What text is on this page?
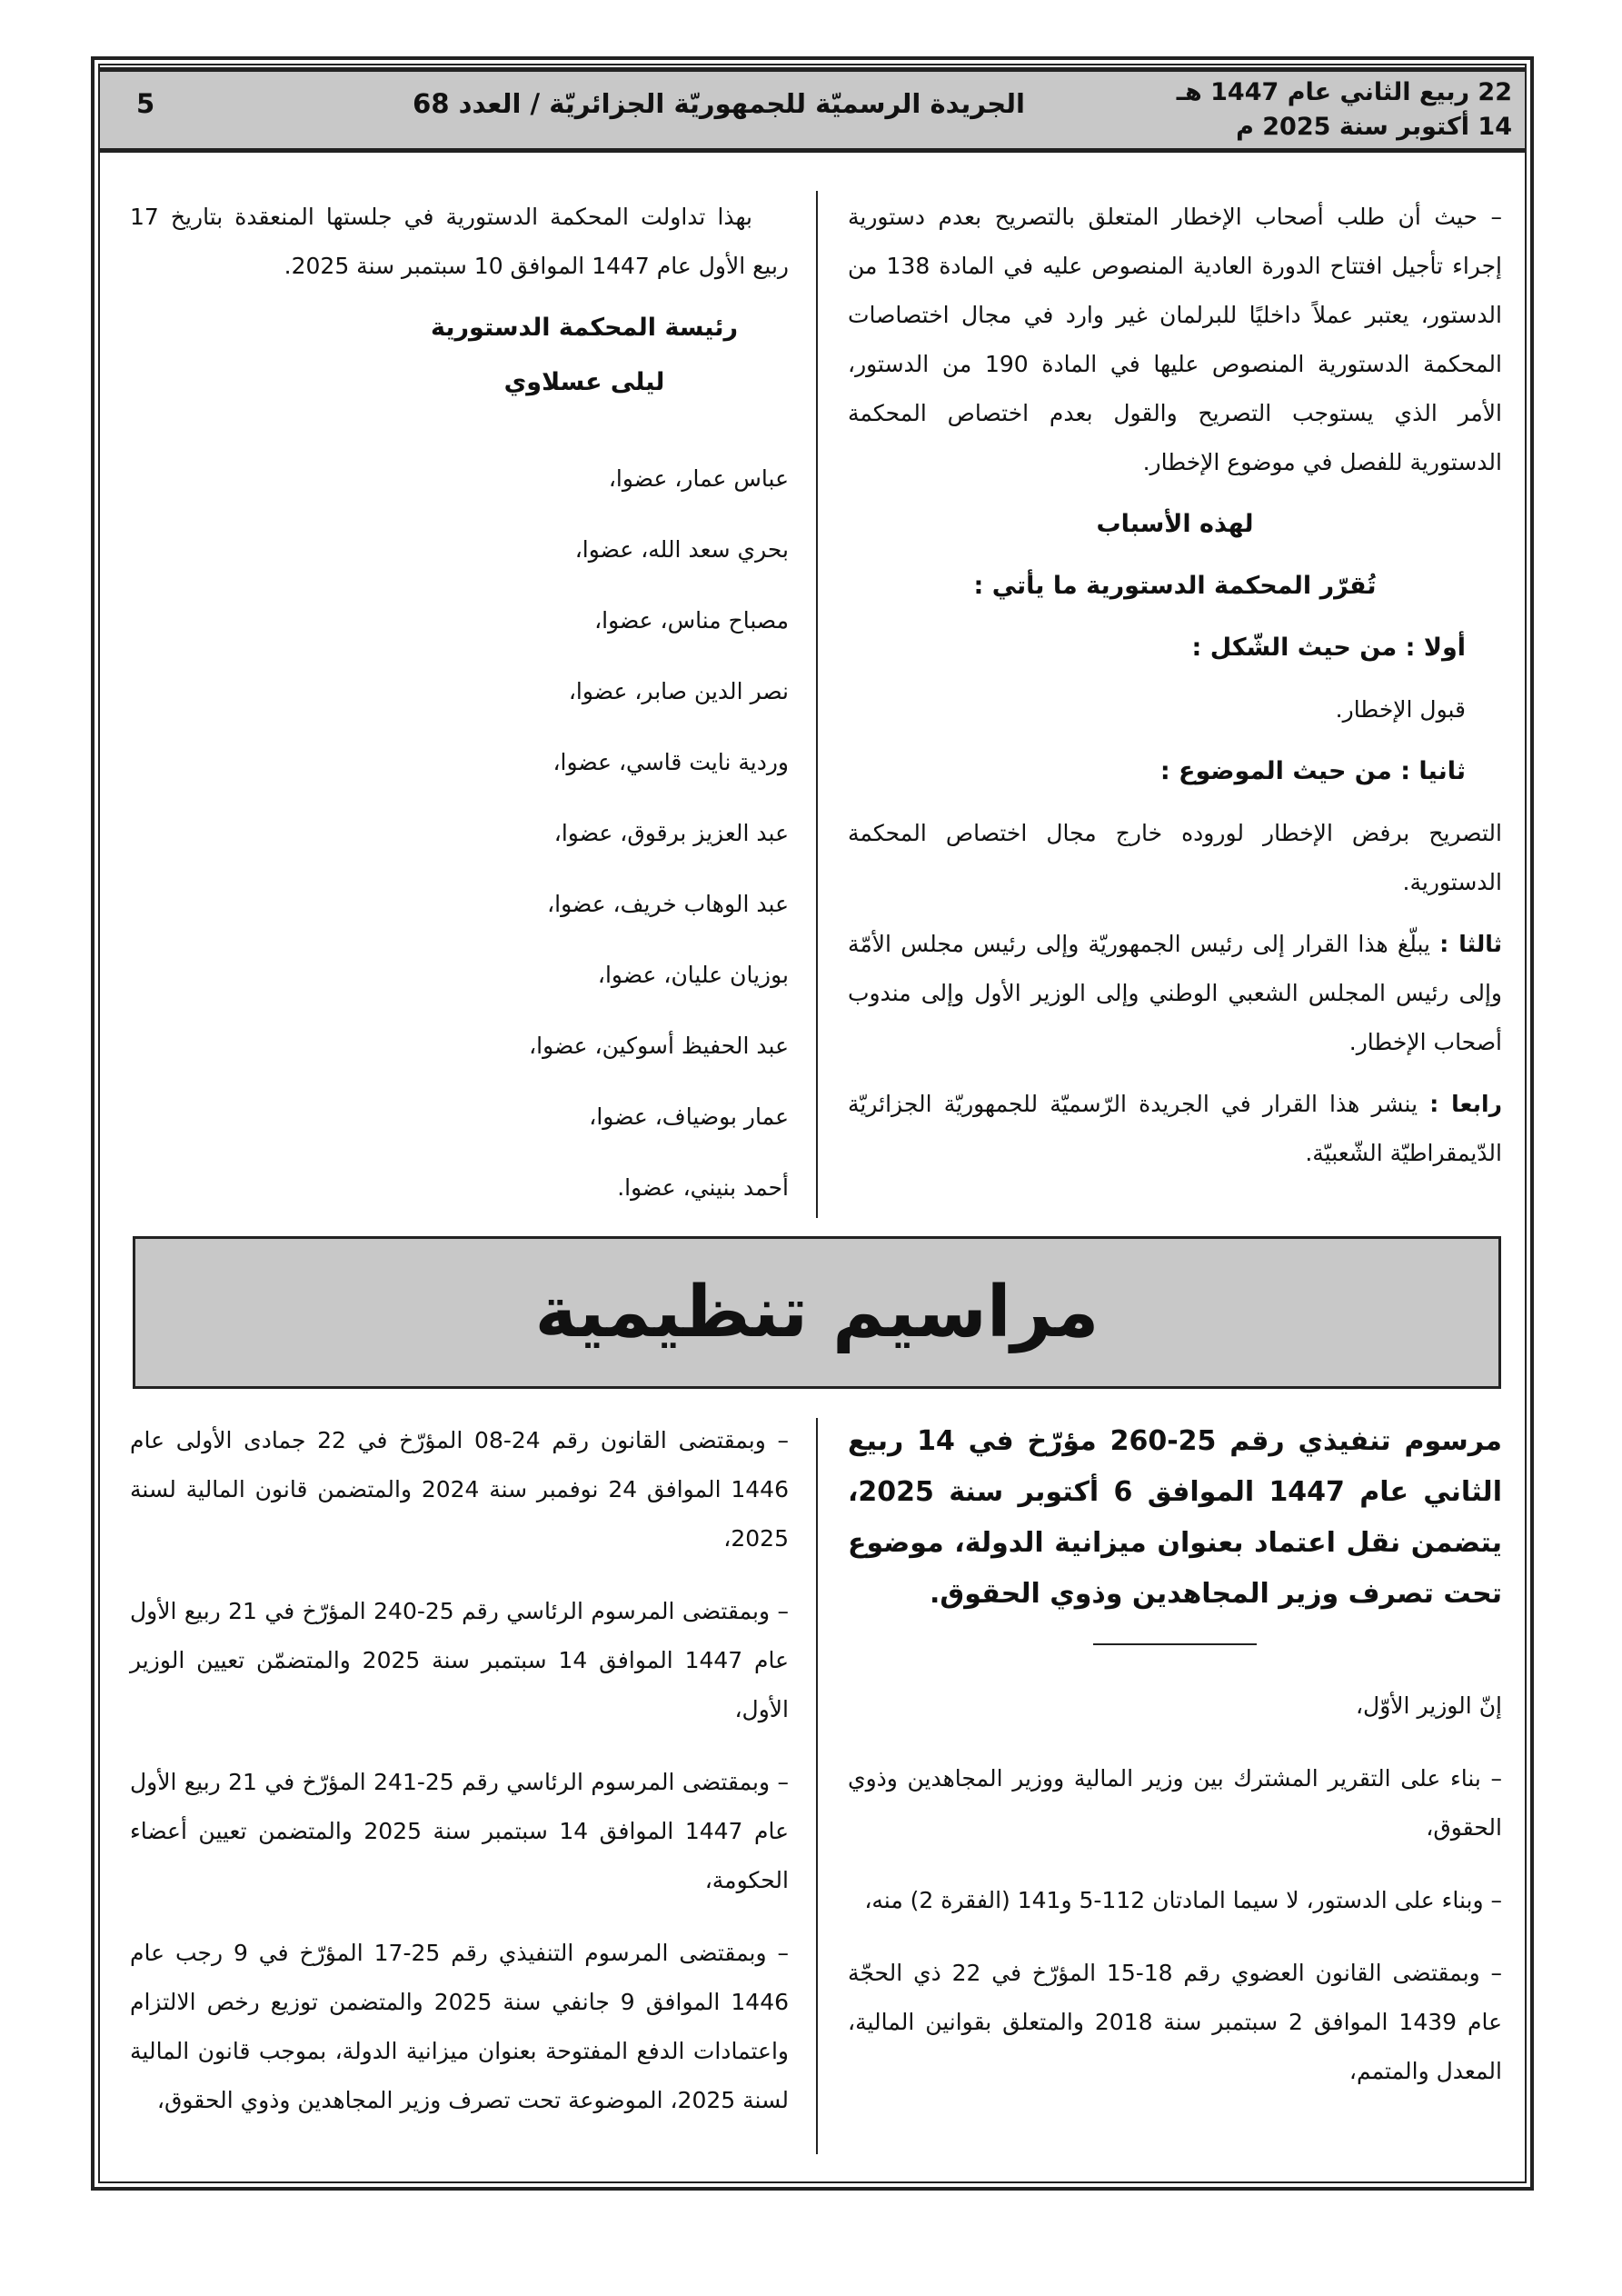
22 ربيع الثاني عام 1447 هـ
14 أكتوبر سنة 2025 م
الجريدة الرسميّة للجمهوريّة الجزائريّة / العدد 68
5

– حيث أن طلب أصحاب الإخطار المتعلق بالتصريح بعدم دستورية إجراء تأجيل افتتاح الدورة العادية المنصوص عليه في المادة 138 من الدستور، يعتبر عملاً داخليًا للبرلمان غير وارد في مجال اختصاصات المحكمة الدستورية المنصوص عليها في المادة 190 من الدستور، الأمر الذي يستوجب التصريح والقول بعدم اختصاص المحكمة الدستورية للفصل في موضوع الإخطار.

لهذه الأسباب

تُقرّر المحكمة الدستورية ما يأتي :

أولا : من حيث الشّكل :

قبول الإخطار.

ثانيا : من حيث الموضوع :

التصريح برفض الإخطار لوروده خارج مجال اختصاص المحكمة الدستورية.

ثالثا : يبلّغ هذا القرار إلى رئيس الجمهوريّة وإلى رئيس مجلس الأمّة وإلى رئيس المجلس الشعبي الوطني وإلى الوزير الأول وإلى مندوب أصحاب الإخطار.

رابعا : ينشر هذا القرار في الجريدة الرّسميّة للجمهوريّة الجزائريّة الدّيمقراطيّة الشّعبيّة.

بهذا تداولت المحكمة الدستورية في جلستها المنعقدة بتاريخ 17 ربيع الأول عام 1447 الموافق 10 سبتمبر سنة 2025.

رئيسة المحكمة الدستورية

ليلى عسلاوي

عباس عمار، عضوا،

بحري سعد الله، عضوا،

مصباح مناس، عضوا،

نصر الدين صابر، عضوا،

وردية نايت قاسي، عضوا،

عبد العزيز برقوق، عضوا،

عبد الوهاب خريف، عضوا،

بوزيان عليان، عضوا،

عبد الحفيظ أسوكين، عضوا،

عمار بوضياف، عضوا،

أحمد بنيني، عضوا.

مراسيم تنظيمية

مرسوم تنفيذي رقم 25-260 مؤرّخ في 14 ربيع الثاني عام 1447 الموافق 6 أكتوبر سنة 2025، يتضمن نقل اعتماد بعنوان ميزانية الدولة، موضوع تحت تصرف وزير المجاهدين وذوي الحقوق.

إنّ الوزير الأوّل،

– بناء على التقرير المشترك بين وزير المالية ووزير المجاهدين وذوي الحقوق،

– وبناء على الدستور، لا سيما المادتان 112-5 و141 (الفقرة 2) منه،

– وبمقتضى القانون العضوي رقم 18-15 المؤرّخ في 22 ذي الحجّة عام 1439 الموافق 2 سبتمبر سنة 2018 والمتعلق بقوانين المالية، المعدل والمتمم،

– وبمقتضى القانون رقم 24-08 المؤرّخ في 22 جمادى الأولى عام 1446 الموافق 24 نوفمبر سنة 2024 والمتضمن قانون المالية لسنة 2025،

– وبمقتضى المرسوم الرئاسي رقم 25-240 المؤرّخ في 21 ربيع الأول عام 1447 الموافق 14 سبتمبر سنة 2025 والمتضمّن تعيين الوزير الأول،

– وبمقتضى المرسوم الرئاسي رقم 25-241 المؤرّخ في 21 ربيع الأول عام 1447 الموافق 14 سبتمبر سنة 2025 والمتضمن تعيين أعضاء الحكومة،

– وبمقتضى المرسوم التنفيذي رقم 25-17 المؤرّخ في 9 رجب عام 1446 الموافق 9 جانفي سنة 2025 والمتضمن توزيع رخص الالتزام واعتمادات الدفع المفتوحة بعنوان ميزانية الدولة، بموجب قانون المالية لسنة 2025، الموضوعة تحت تصرف وزير المجاهدين وذوي الحقوق،
